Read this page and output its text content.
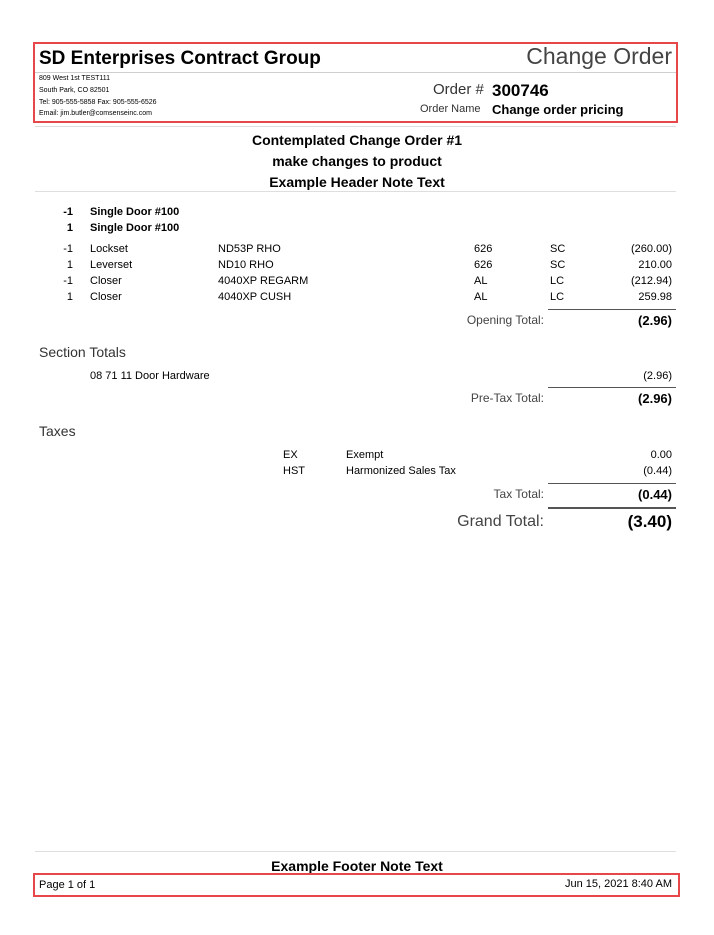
SD Enterprises Contract Group	Change Order
809 West 1st TEST111
South Park, CO 82501
Tel: 905-555-5858 Fax: 905-555-6526
Email: jim.butler@comsenseinc.com
Order # 300746
Order Name Change order pricing
Contemplated Change Order #1
make changes to product
Example Header Note Text
-1 Single Door #100
1 Single Door #100
-1 Lockset	ND53P RHO	626	SC	(260.00)
1 Leverset	ND10 RHO	626	SC	210.00
-1 Closer	4040XP REGARM	AL	LC	(212.94)
1 Closer	4040XP CUSH	AL	LC	259.98
Opening Total:	(2.96)
Section Totals
08 71 11 Door Hardware	(2.96)
Pre-Tax Total:	(2.96)
Taxes
EX	Exempt	0.00
HST	Harmonized Sales Tax	(0.44)
Tax Total:	(0.44)
Grand Total:	(3.40)
Example Footer Note Text
Page 1 of 1	Jun 15, 2021 8:40 AM
